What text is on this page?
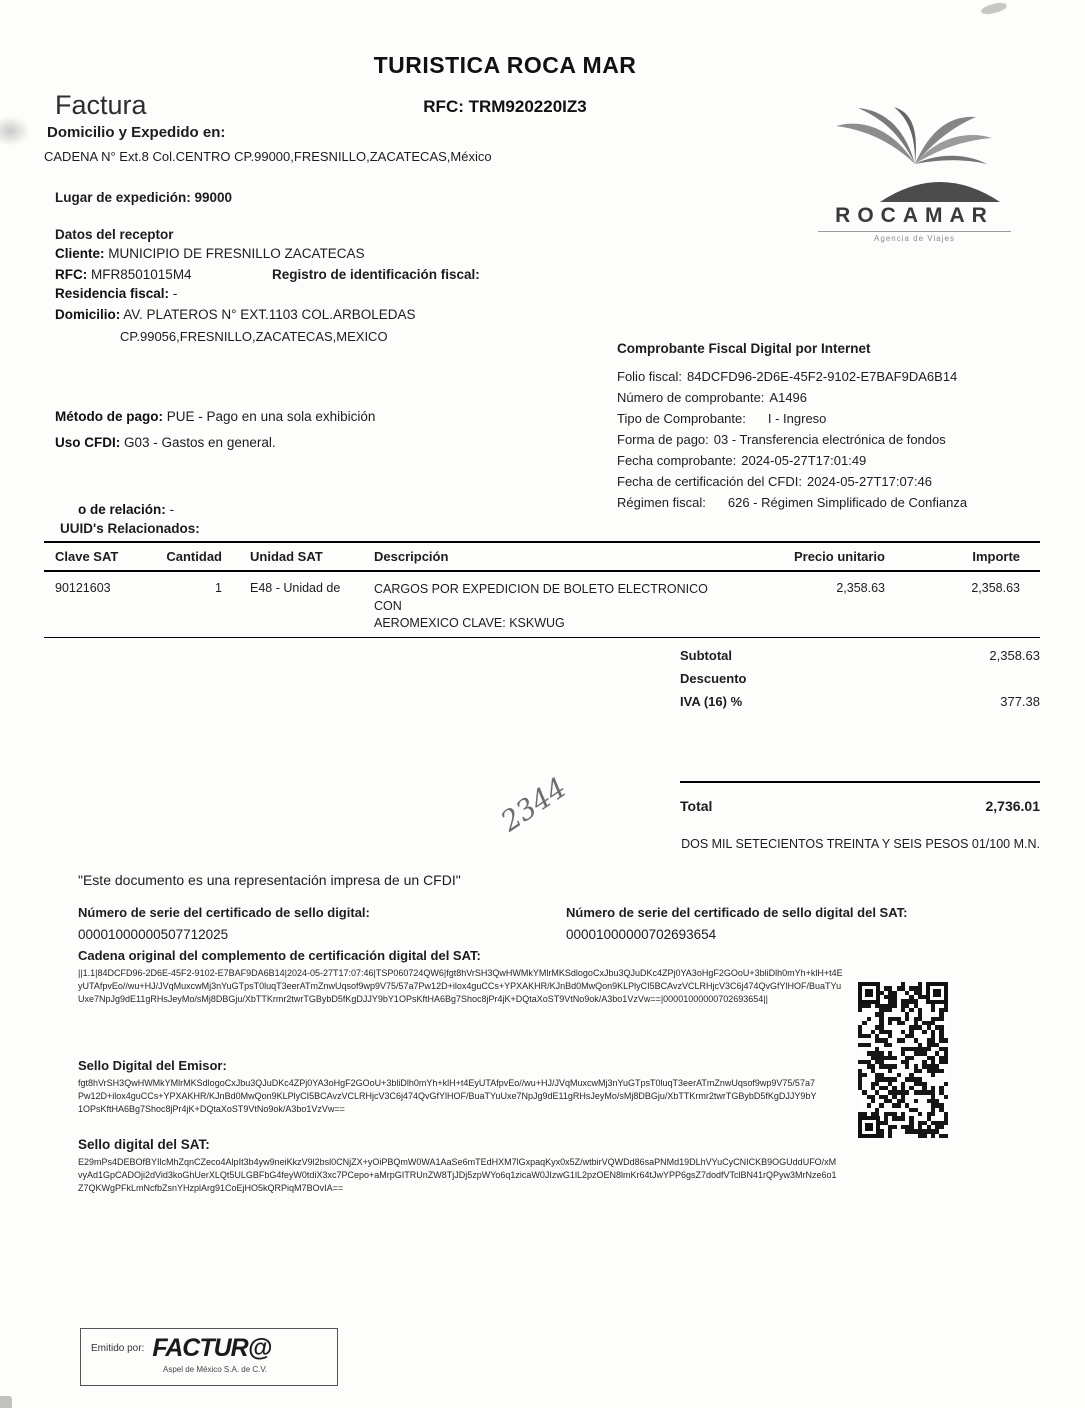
TURISTICA ROCA MAR
Factura	RFC: TRM920220IZ3
Domicilio y Expedido en:
CADENA N° Ext.8 Col.CENTRO CP.99000,FRESNILLO,ZACATECAS,México
Lugar de expedición: 99000
ROCAMAR
Agencia de Viajes
Datos del receptor
Cliente: MUNICIPIO DE FRESNILLO ZACATECAS
RFC: MFR8501015M4	Registro de identificación fiscal:
Residencia fiscal: -
Domicilio: AV. PLATEROS N° EXT.1103 COL.ARBOLEDAS
CP.99056,FRESNILLO,ZACATECAS,MEXICO
Método de pago: PUE - Pago en una sola exhibición
Uso CFDI: G03 - Gastos en general.
o de relación: -
UUID's Relacionados:
Comprobante Fiscal Digital por Internet
Folio fiscal: 84DCFD96-2D6E-45F2-9102-E7BAF9DA6B14
Número de comprobante: A1496
Tipo de Comprobante: I - Ingreso
Forma de pago: 03 - Transferencia electrónica de fondos
Fecha comprobante: 2024-05-27T17:01:49
Fecha de certificación del CFDI: 2024-05-27T17:07:46
Régimen fiscal: 626 - Régimen Simplificado de Confianza
Clave SAT	Cantidad	Unidad SAT	Descripción	Precio unitario	Importe
90121603	1	E48 - Unidad de	CARGOS POR EXPEDICION DE BOLETO ELECTRONICO CON
AEROMEXICO CLAVE: KSKWUG
2,358.63	2,358.63
Subtotal	2,358.63
Descuento
IVA (16) %	377.38
Total	2,736.01
DOS MIL SETECIENTOS TREINTA Y SEIS PESOS 01/100 M.N.
2344
"Este documento es una representación impresa de un CFDI"
Número de serie del certificado de sello digital:
00001000000507712025
Número de serie del certificado de sello digital del SAT:
00001000000702693654
Cadena original del complemento de certificación digital del SAT:
||1.1|84DCFD96-2D6E-45F2-9102-E7BAF9DA6B14|2024-05-27T17:07:46|TSP060724QW6|fgt8hVrSH3QwHWMkYMlrMKSdlogoCxJbu3QJuDKc4ZPj0YA3oHgF2GOoU+3bliDlh0mYh+klH+t4EyUTAfpvEo//wu+HJ/JVqMuxcwMj3nYuGTpsT0luqT3eerATmZnwUqsof9wp9V75/57a7Pw12D+ilox4guCCs+YPXAKHR/KJnBd0MwQon9KLPlyCI5BCAvzVCLRHjcV3C6j474QvGfYlHOF/BuaTYuUxe7NpJg9dE11gRHsJeyMo/sMj8DBGju/XbTTKrmr2twrTGBybD5fKgDJJY9bY1OPsKftHA6Bg7Shoc8jPr4jK+DQtaXoST9VtNo9ok/A3bo1VzVw==|00001000000702693654||
Sello Digital del Emisor:
fgt8hVrSH3QwHWMkYMlrMKSdlogoCxJbu3QJuDKc4ZPj0YA3oHgF2GOoU+3bliDlh0mYh+klH+t4EyUTAfpvEo//wu+HJ/JVqMuxcwMj3nYuGTpsT0luqT3eerATmZnwUqsof9wp9V75/57a7Pw12D+ilox4guCCs+YPXAKHR/KJnBd0MwQon9KLPlyCI5BCAvzVCLRHjcV3C6j474QvGfYlHOF/BuaTYuUxe7NpJg9dE11gRHsJeyMo/sMj8DBGju/XbTTKrmr2twrTGBybD5fKgDJJY9bY1OPsKftHA6Bg7Shoc8jPr4jK+DQtaXoST9VtNo9ok/A3bo1VzVw==
Sello digital del SAT:
E29mPs4DEBOfBYIlcMhZqnCZeco4AlpIt3b4yw9neiKkzV9l2bsl0CNjZX+yOiPBQmW0WA1AaSe6mTEdHXM7lGxpaqKyx0x5Z/wtbirVQWDd86saPNMd19DLhVYuCyCNICKB9OGUddUFO/xMvyAd1GpCADOji2dVid3koGhUerXLQt5ULGBFbG4feyW0tdiX3xc7PCepo+aMrpGITRUnZW8TjJDj5zpWYo6q1zicaW0JIzwG1lL2pzOEN8lmKr64tJwYPP6gsZ7dodfVTclBN41rQPyw3MrNze6o1Z7QKWgPFkLmNcfbZsnYHzplArg91CoEjHO5kQRPiqM7BOvIA==
Emitido por: FACTUR@
Aspel de México S.A. de C.V.
